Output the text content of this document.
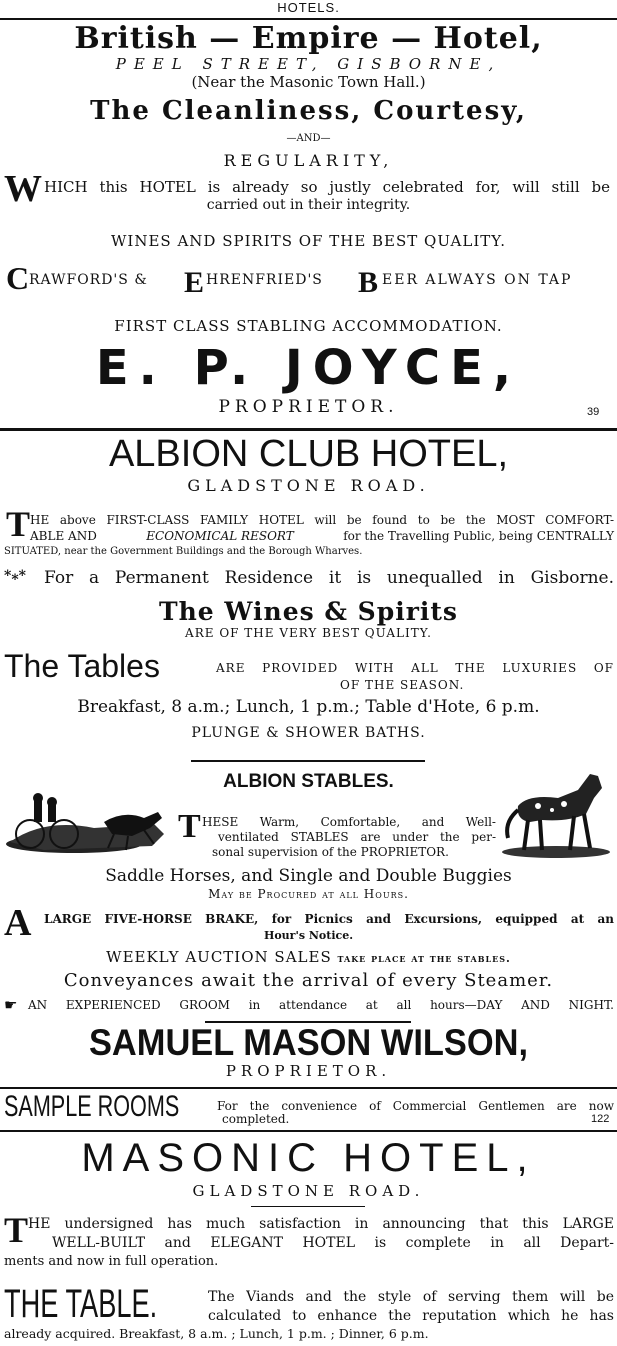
HOTELS.
British — Empire — Hotel,
PEEL STREET, GISBORNE,
(Near the Masonic Town Hall.)
The Cleanliness, Courtesy,
—AND—
REGULARITY,
W HICH this HOTEL is already so justly celebrated for, will still be
carried out in their integrity.
WINES AND SPIRITS OF THE BEST QUALITY.
C RAWFORD'S & E HRENFRIED'S B EER ALWAYS ON TAP
FIRST CLASS STABLING ACCOMMODATION.
E. P. JOYCE,
PROPRIETOR.	39
ALBION CLUB HOTEL,
GLADSTONE ROAD.
T HE above FIRST-CLASS FAMILY HOTEL will be found to be the MOST COMFORT-
ABLE AND	ECONOMICAL RESORT	for the Travelling Public, being CENTRALLY
SITUATED, near the Government Buildings and the Borough Wharves.
*⁎* For a Permanent Residence it is unequalled in Gisborne.
The Wines & Spirits
ARE OF THE VERY BEST QUALITY.
The Tables	ARE PROVIDED WITH ALL THE LUXURIES OF
OF THE SEASON.
Breakfast, 8 a.m.; Lunch, 1 p.m.; Table d'Hote, 6 p.m.
PLUNGE & SHOWER BATHS.
ALBION STABLES.
T HESE Warm, Comfortable, and Well-
ventilated STABLES are under the per-
sonal supervision of the PROPRIETOR.
Saddle Horses, and Single and Double Buggies
May be Procured at all Hours.
A LARGE FIVE-HORSE BRAKE, for Picnics and Excursions, equipped at an
Hour's Notice.
WEEKLY AUCTION SALES take place at the stables.
Conveyances await the arrival of every Steamer.
☛ AN EXPERIENCED GROOM in attendance at all hours—DAY AND NIGHT.
SAMUEL MASON WILSON,
PROPRIETOR.
SAMPLE ROOMS	For the convenience of Commercial Gentlemen are now
completed.	122
MASONIC HOTEL,
GLADSTONE ROAD.
T HE undersigned has much satisfaction in announcing that this LARGE
WELL-BUILT and ELEGANT HOTEL is complete in all Depart-
ments and now in full operation.
THE TABLE.	The Viands and the style of serving them will be
calculated to enhance the reputation which he has
already acquired. Breakfast, 8 a.m. ; Lunch, 1 p.m. ; Dinner, 6 p.m.
